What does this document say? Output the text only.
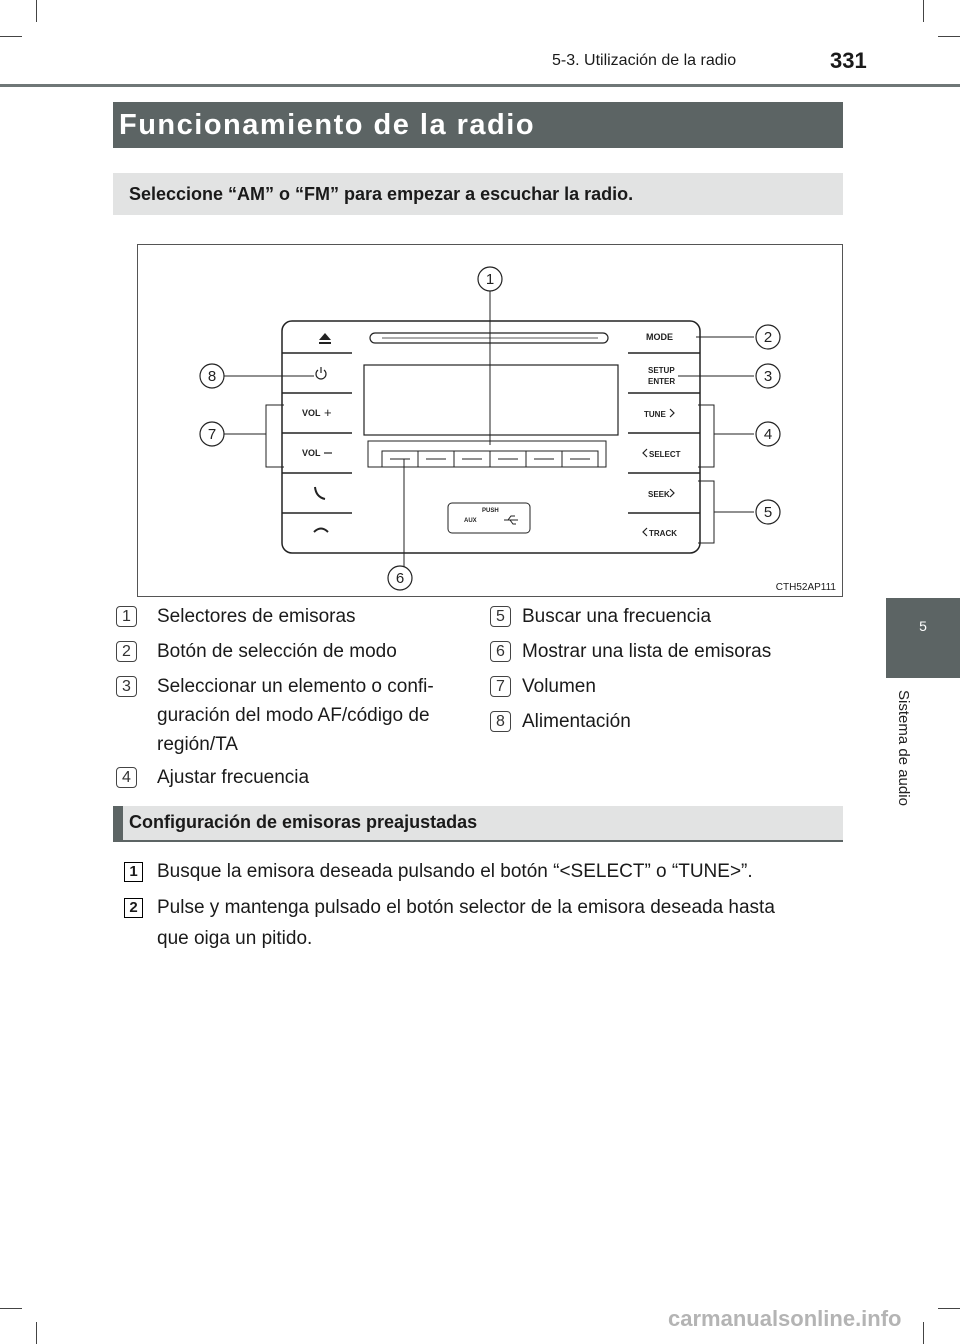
5-3. Utilización de la radio	331
Funcionamiento de la radio
Seleccione “AM” o “FM” para empezar a escuchar la radio.
VOL +
VOL
MODE
SETUP
ENTER
TUNE
SELECT
SEEK
TRACK
PUSH
AUX
1
2
3
4
5
6
7
8
CTH52AP111
5
Sistema de audio
1	Selectores de emisoras
2	Botón de selección de modo
3	Seleccionar un elemento o confi-
guración del modo AF/código de
región/TA
4	Ajustar frecuencia
5 Buscar una frecuencia
6 Mostrar una lista de emisoras
7 Volumen
8 Alimentación
Configuración de emisoras preajustadas
1 Busque la emisora deseada pulsando el botón “<SELECT” o “TUNE>”.
2 Pulse y mantenga pulsado el botón selector de la emisora deseada hasta
que oiga un pitido.
carmanualsonline.info
